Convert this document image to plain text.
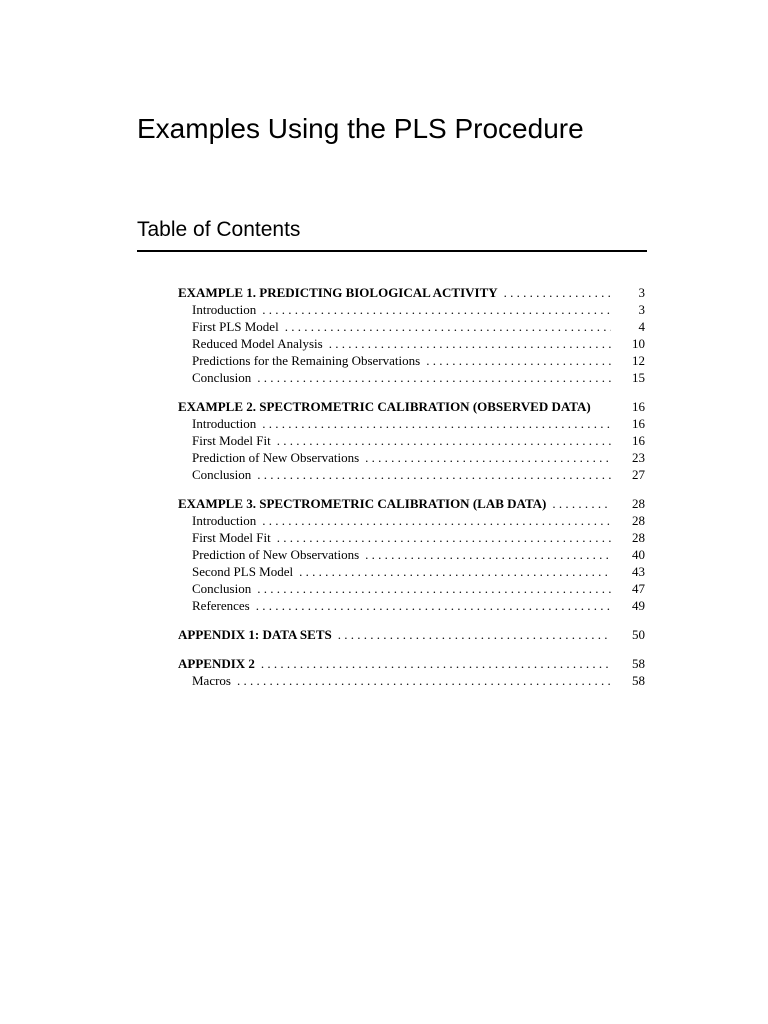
Examples Using the PLS Procedure
Table of Contents
EXAMPLE 1. PREDICTING BIOLOGICAL ACTIVITY . . .	3
Introduction . . .	3
First PLS Model . . .	4
Reduced Model Analysis . . .	10
Predictions for the Remaining Observations . . .	12
Conclusion . . .	15
EXAMPLE 2. SPECTROMETRIC CALIBRATION (OBSERVED DATA)	16
Introduction . . .	16
First Model Fit . . .	16
Prediction of New Observations . . .	23
Conclusion . . .	27
EXAMPLE 3. SPECTROMETRIC CALIBRATION (LAB DATA) . . .	28
Introduction . . .	28
First Model Fit . . .	28
Prediction of New Observations . . .	40
Second PLS Model . . .	43
Conclusion . . .	47
References . . .	49
APPENDIX 1: DATA SETS . . .	50
APPENDIX 2 . . .	58
Macros . . .	58
